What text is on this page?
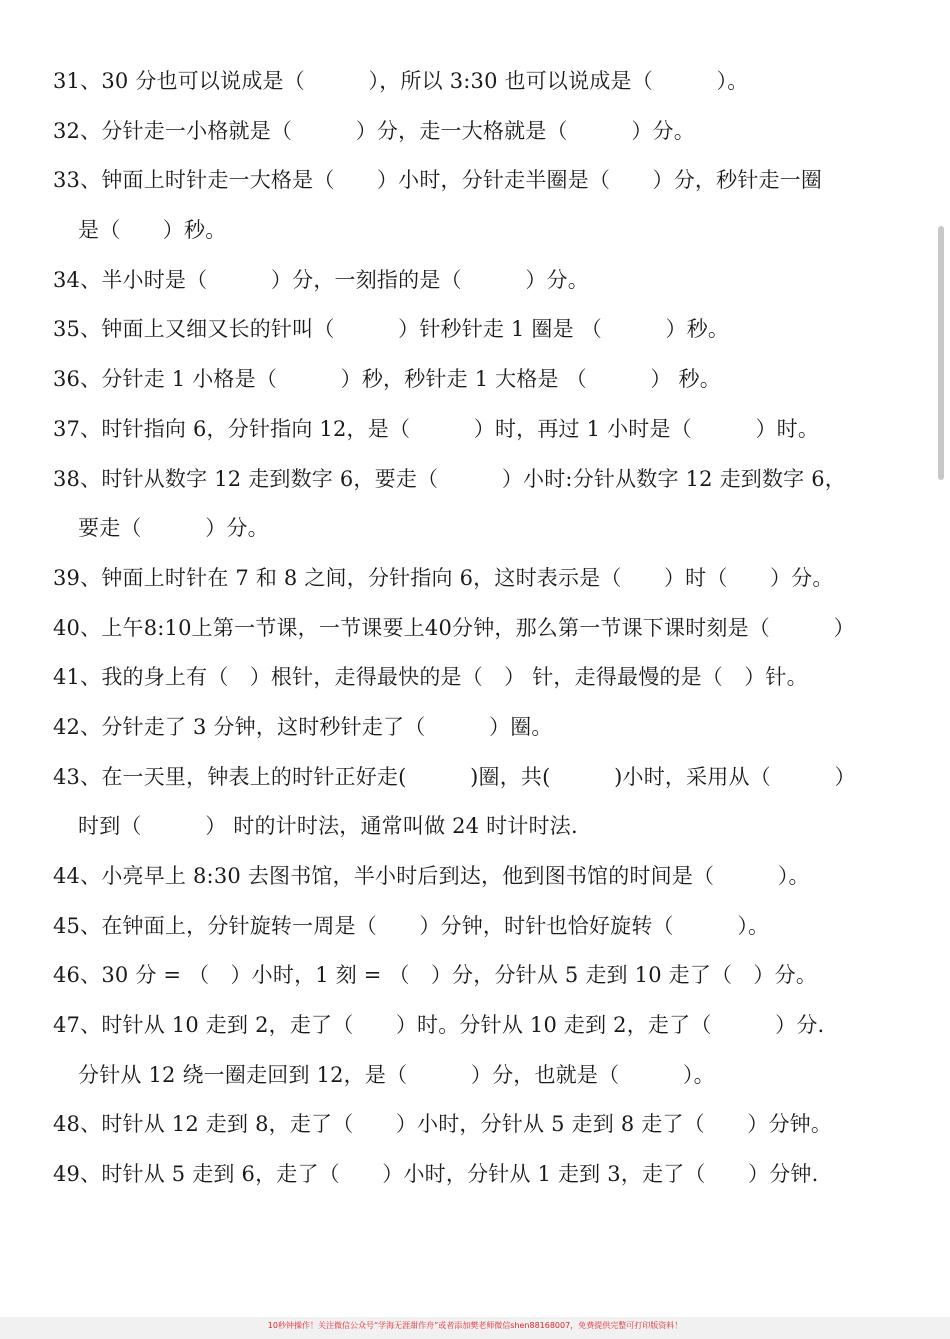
31、30 分也可以说成是（　　　），所以 3:30 也可以说成是（　　　）。
32、分针走一小格就是（　　　）分，走一大格就是（　　　）分。
33、钟面上时针走一大格是（　　）小时，分针走半圈是（　　）分，秒针走一圈
是（　　）秒。
34、半小时是（　　　）分，一刻指的是（　　　）分。
35、钟面上又细又长的针叫（　　　）针秒针走 1 圈是 （　　　）秒。
36、分针走 1 小格是（　　　）秒，秒针走 1 大格是 （　　　） 秒。
37、时针指向 6，分针指向 12，是（　　　）时，再过 1 小时是（　　　）时。
38、时针从数字 12 走到数字 6，要走（　　　）小时:分针从数字 12 走到数字 6，
要走（　　　）分。
39、钟面上时针在 7 和 8 之间，分针指向 6，这时表示是（　　）时（　　）分。
40、上午8:10上第一节课，一节课要上40分钟，那么第一节课下课时刻是（　　　）
41、我的身上有（　）根针，走得最快的是（　） 针，走得最慢的是（　）针。
42、分针走了 3 分钟，这时秒针走了（　　　）圈。
43、在一天里，钟表上的时针正好走(　　　)圈，共(　　　)小时，采用从（　　　）
时到（　　　） 时的计时法，通常叫做 24 时计时法.
44、小亮早上 8:30 去图书馆，半小时后到达，他到图书馆的时间是（　　　）。
45、在钟面上，分针旋转一周是（　　）分钟，时针也恰好旋转（　　　）。
46、30 分 = （　）小时，1 刻 = （　）分，分针从 5 走到 10 走了（　）分。
47、时针从 10 走到 2，走了（　　）时。分针从 10 走到 2，走了（　　　）分.
分针从 12 绕一圈走回到 12，是（　　　）分，也就是（　　　）。
48、时针从 12 走到 8，走了（　　）小时，分针从 5 走到 8 走了（　　）分钟。
49、时针从 5 走到 6，走了（　　）小时，分针从 1 走到 3，走了（　　）分钟.
10秒钟操作！关注微信公众号“学海无涯甜作舟”或者添加樊老师微信shen88168007，免费提供完整可打印版资料！
